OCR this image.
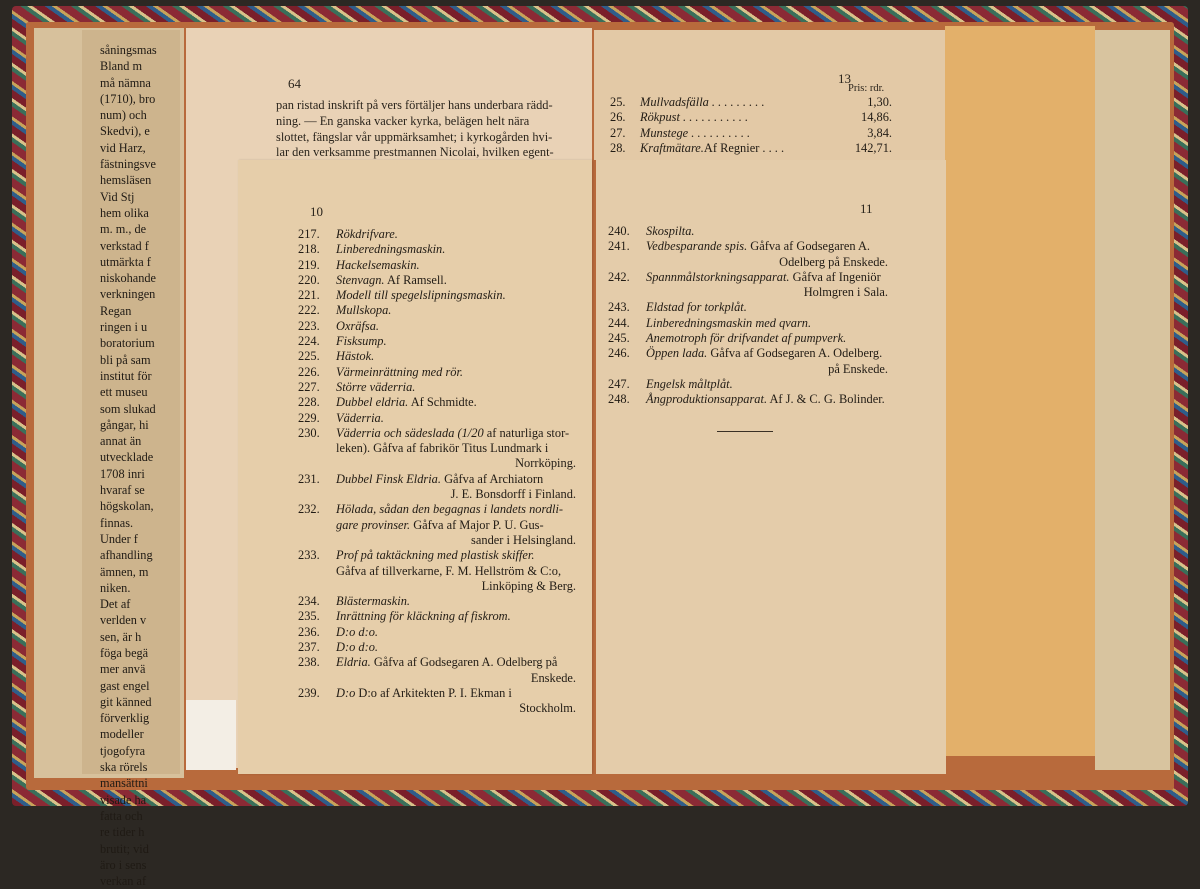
såningsmas
Bland m
må nämna
(1710), bro
num) och
Skedvi), e
vid Harz,
fästningsve
hemsläsen
Vid Stj
hem olika
m. m., de
verkstad f
utmärkta f
niskohande
verkningen
Regan
ringen i u
boratorium
bli på sam
institut för
ett museu
som slukad
gångar, hi
annat än
utvecklade
1708 inri
hvaraf se
högskolan,
finnas.
Under f
afhandling
ämnen, m
niken.
Det af
verlden v
sen, är h
föga begä
mer anvä
gast engel
git känned
förverklig
modeller
tjogofyra
ska rörels
mansättni
visade ha
fatta och
re tider h
brutit; vid
äro i sens
verkan af
64
pan ristad inskrift på vers förtäljer hans underbara rädd-
ning. — En ganska vacker kyrka, belägen helt nära
slottet, fängslar vår uppmärksamhet; i kyrkogården hvi-
lar den verksamme prestmannen Nicolai, hvilken egent-
13
Pris: rdr.
25.	Mullvadsfälla . . . . . . . . .	1,30.
26.	Rökpust . . . . . . . . . . .	14,86.
27.	Munstege . . . . . . . . . .	3,84.
28.	Kraftmätare. Af Regnier . . . .	142,71.
10
217.	Rökdrifvare.
218.	Linberedningsmaskin.
219.	Hackelsemaskin.
220.	Stenvagn. Af Ramsell.
221.	Modell till spegelslipningsmaskin.
222.	Mullskopa.
223.	Oxräfsa.
224.	Fisksump.
225.	Hästok.
226.	Värmeinrättning med rör.
227.	Större väderria.
228.	Dubbel eldria. Af Schmidte.
229.	Väderria.
230.	Väderria och sädeslada (1/20 af naturliga stor-
leken). Gåfva af fabrikör Titus Lundmark i
Norrköping.
231.	Dubbel Finsk Eldria. Gåfva af Archiatorn
J. E. Bonsdorff i Finland.
232.	Hölada, sådan den begagnas i landets nordli-
gare provinser. Gåfva af Major P. U. Gus-
sander i Helsingland.
233.	Prof på taktäckning med plastisk skiffer.
Gåfva af tillverkarne, F. M. Hellström & C:o,
Linköping & Berg.
234.	Blästermaskin.
235.	Inrättning för kläckning af fiskrom.
236.	D:o d:o.
237.	D:o d:o.
238.	Eldria. Gåfva af Godsegaren A. Odelberg på
Enskede.
239.	D:o D:o af Arkitekten P. I. Ekman i
Stockholm.
11
240.	Skospilta.
241.	Vedbesparande spis. Gåfva af Godsegaren A.
Odelberg på Enskede.
242.	Spannmålstorkningsapparat. Gåfva af Ingeniör
Holmgren i Sala.
243.	Eldstad for torkplåt.
244.	Linberedningsmaskin med qvarn.
245.	Anemotroph för drifvandet af pumpverk.
246.	Öppen lada. Gåfva af Godsegaren A. Odelberg.
på Enskede.
247.	Engelsk måltplåt.
248.	Ångproduktionsapparat. Af J. & C. G. Bolinder.
